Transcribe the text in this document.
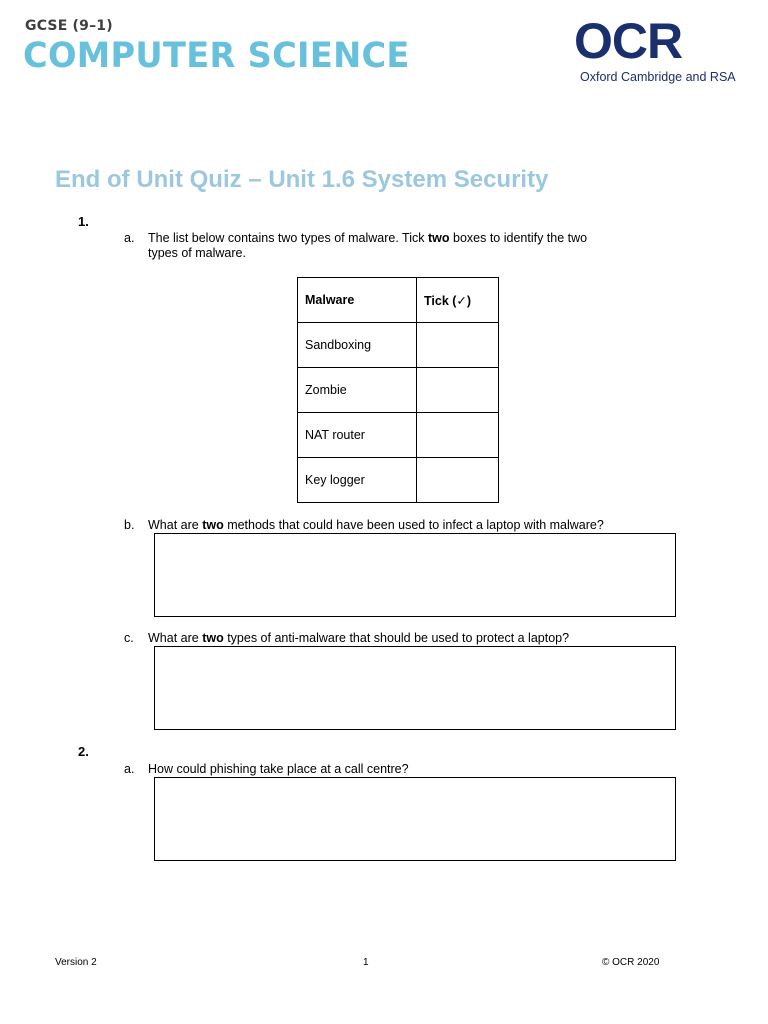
GCSE (9–1)
COMPUTER SCIENCE	OCR
Oxford Cambridge and RSA
End of Unit Quiz – Unit 1.6 System Security
1.
a. The list below contains two types of malware. Tick two boxes to identify the two
types of malware.
Malware	Tick (✓)
Sandboxing	
Zombie	
NAT router	
Key logger	
b. What are two methods that could have been used to infect a laptop with malware?
c. What are two types of anti-malware that should be used to protect a laptop?
2.
a. How could phishing take place at a call centre?
Version 2	1	© OCR 2020
